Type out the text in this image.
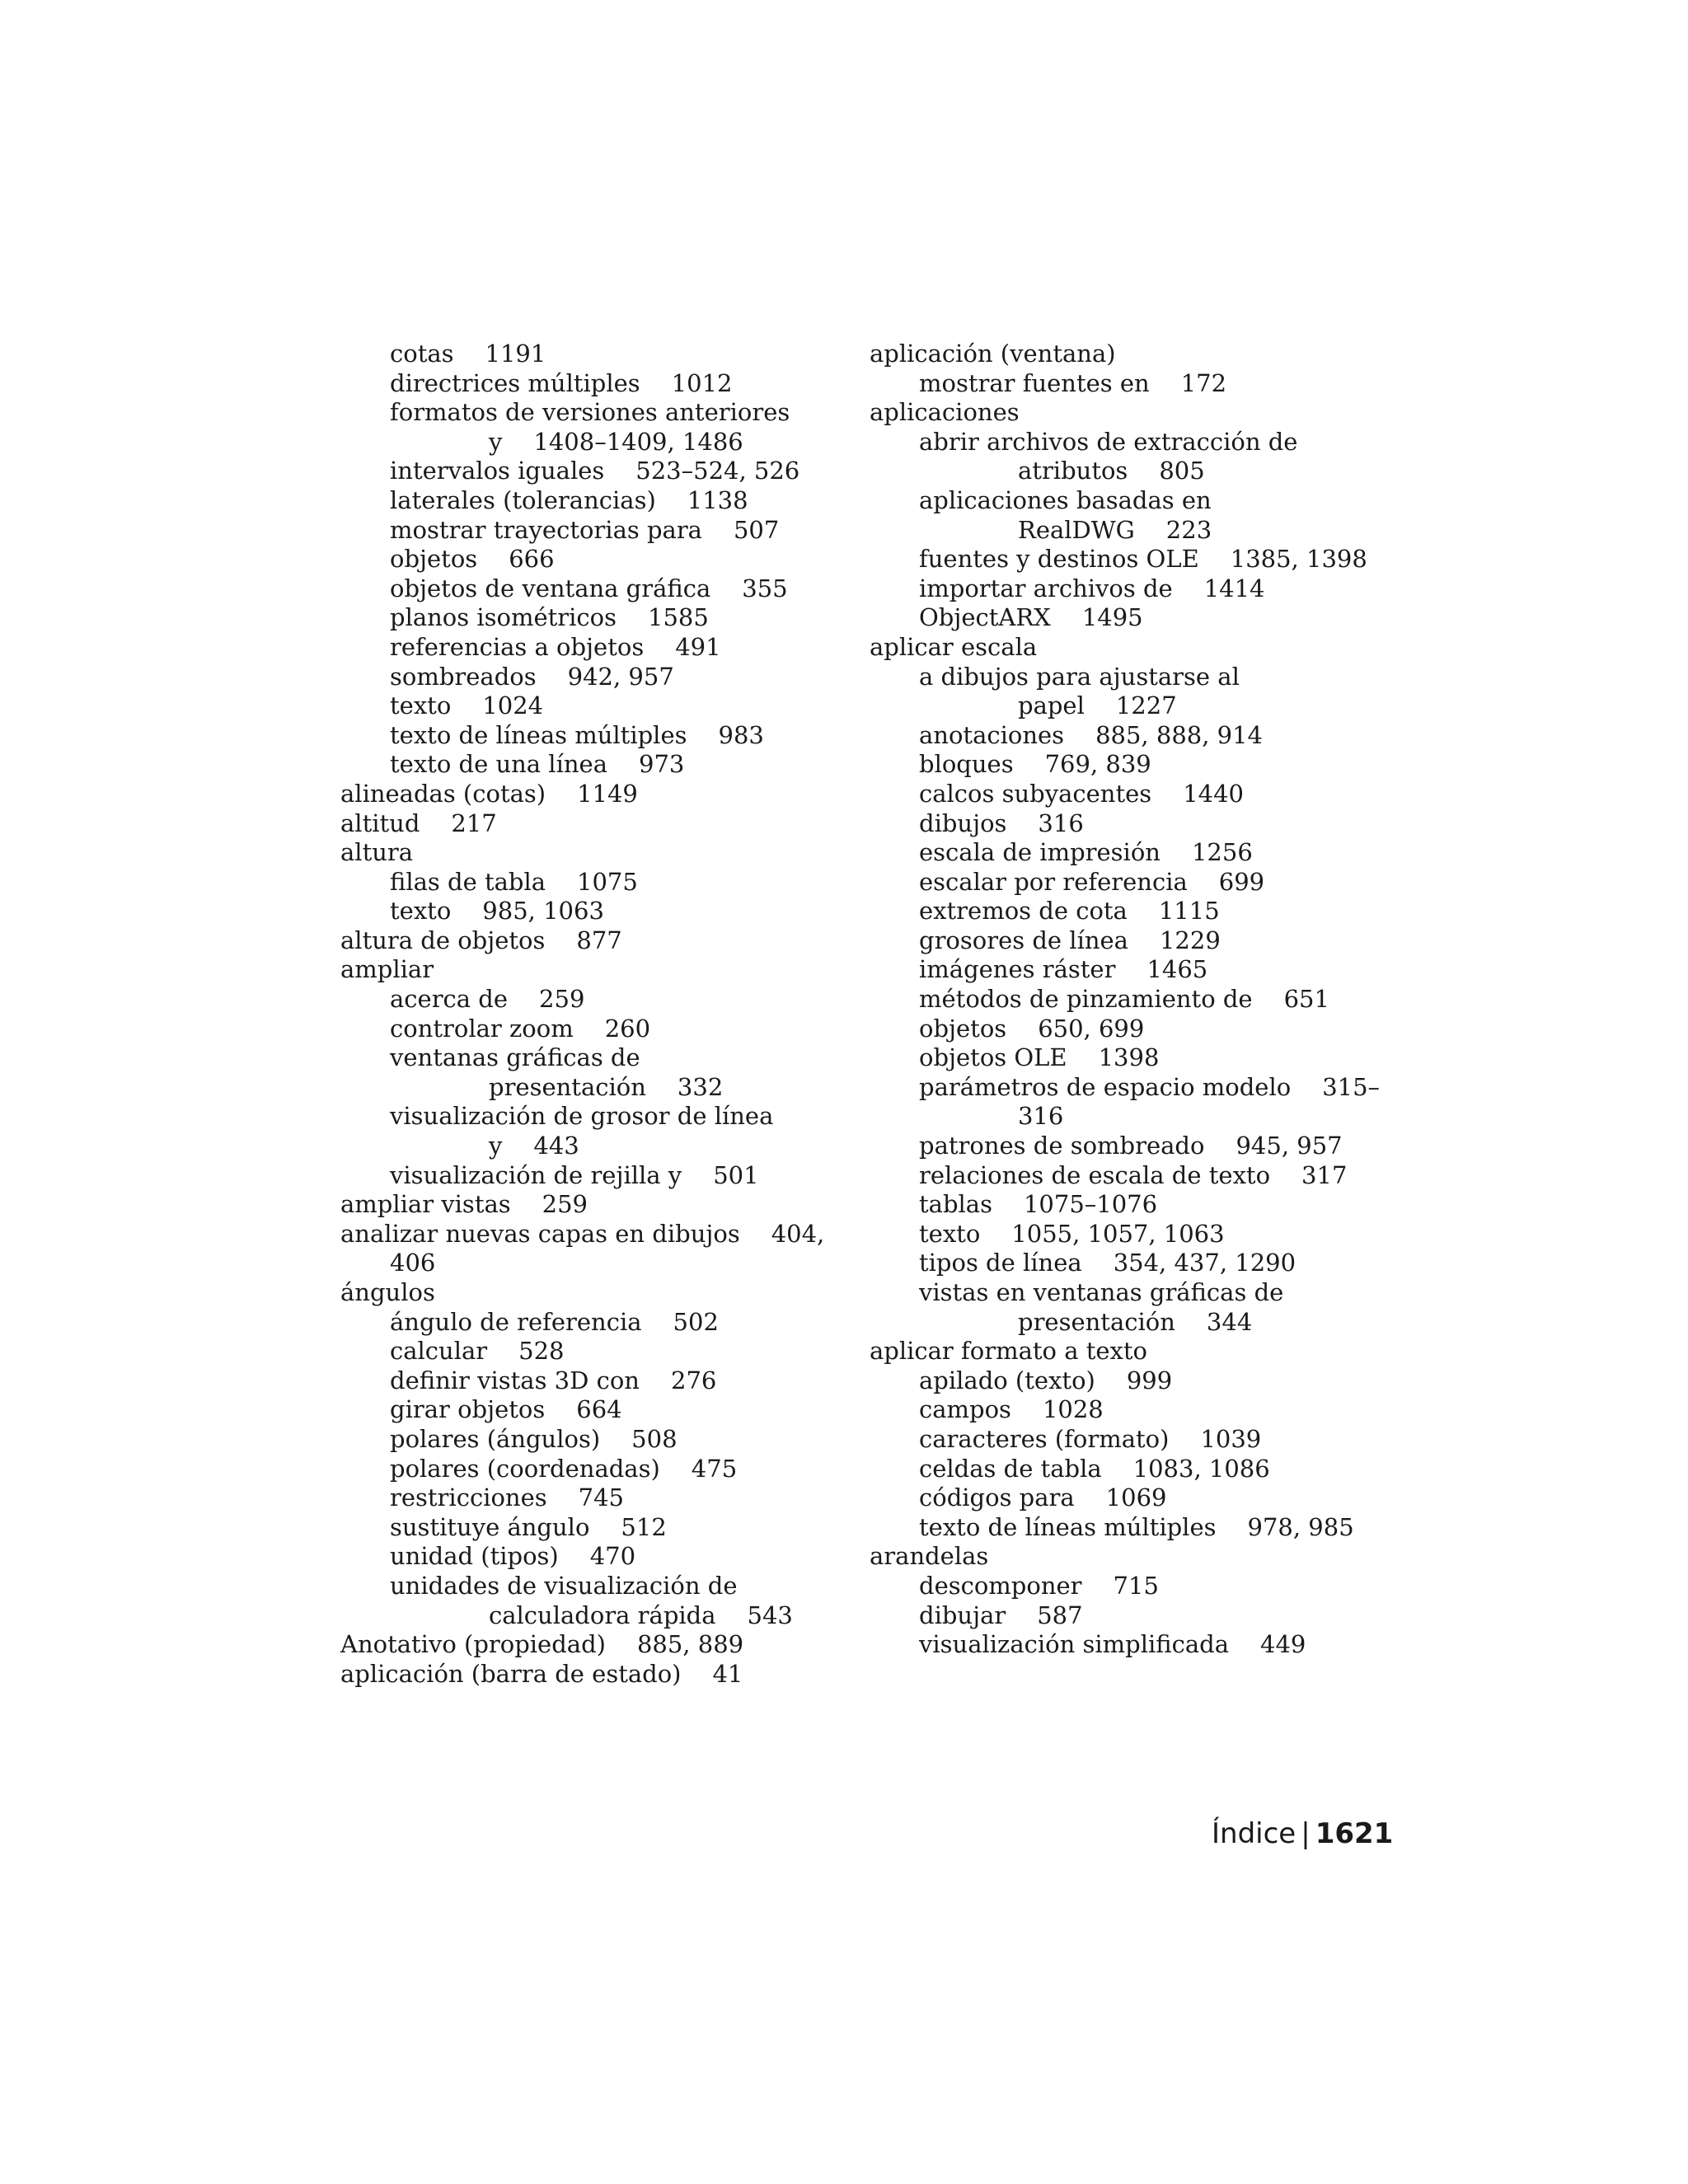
cotas 1191
directrices múltiples 1012
formatos de versiones anteriores
y 1408–1409, 1486
intervalos iguales 523–524, 526
laterales (tolerancias) 1138
mostrar trayectorias para 507
objetos 666
objetos de ventana gráfica 355
planos isométricos 1585
referencias a objetos 491
sombreados 942, 957
texto 1024
texto de líneas múltiples 983
texto de una línea 973
alineadas (cotas) 1149
altitud 217
altura
filas de tabla 1075
texto 985, 1063
altura de objetos 877
ampliar
acerca de 259
controlar zoom 260
ventanas gráficas de
presentación 332
visualización de grosor de línea
y 443
visualización de rejilla y 501
ampliar vistas 259
analizar nuevas capas en dibujos 404,
406
ángulos
ángulo de referencia 502
calcular 528
definir vistas 3D con 276
girar objetos 664
polares (ángulos) 508
polares (coordenadas) 475
restricciones 745
sustituye ángulo 512
unidad (tipos) 470
unidades de visualización de
calculadora rápida 543
Anotativo (propiedad) 885, 889
aplicación (barra de estado) 41
aplicación (ventana)
mostrar fuentes en 172
aplicaciones
abrir archivos de extracción de
atributos 805
aplicaciones basadas en
RealDWG 223
fuentes y destinos OLE 1385, 1398
importar archivos de 1414
ObjectARX 1495
aplicar escala
a dibujos para ajustarse al
papel 1227
anotaciones 885, 888, 914
bloques 769, 839
calcos subyacentes 1440
dibujos 316
escala de impresión 1256
escalar por referencia 699
extremos de cota 1115
grosores de línea 1229
imágenes ráster 1465
métodos de pinzamiento de 651
objetos 650, 699
objetos OLE 1398
parámetros de espacio modelo 315–
316
patrones de sombreado 945, 957
relaciones de escala de texto 317
tablas 1075–1076
texto 1055, 1057, 1063
tipos de línea 354, 437, 1290
vistas en ventanas gráficas de
presentación 344
aplicar formato a texto
apilado (texto) 999
campos 1028
caracteres (formato) 1039
celdas de tabla 1083, 1086
códigos para 1069
texto de líneas múltiples 978, 985
arandelas
descomponer 715
dibujar 587
visualización simplificada 449
Índice | 1621
